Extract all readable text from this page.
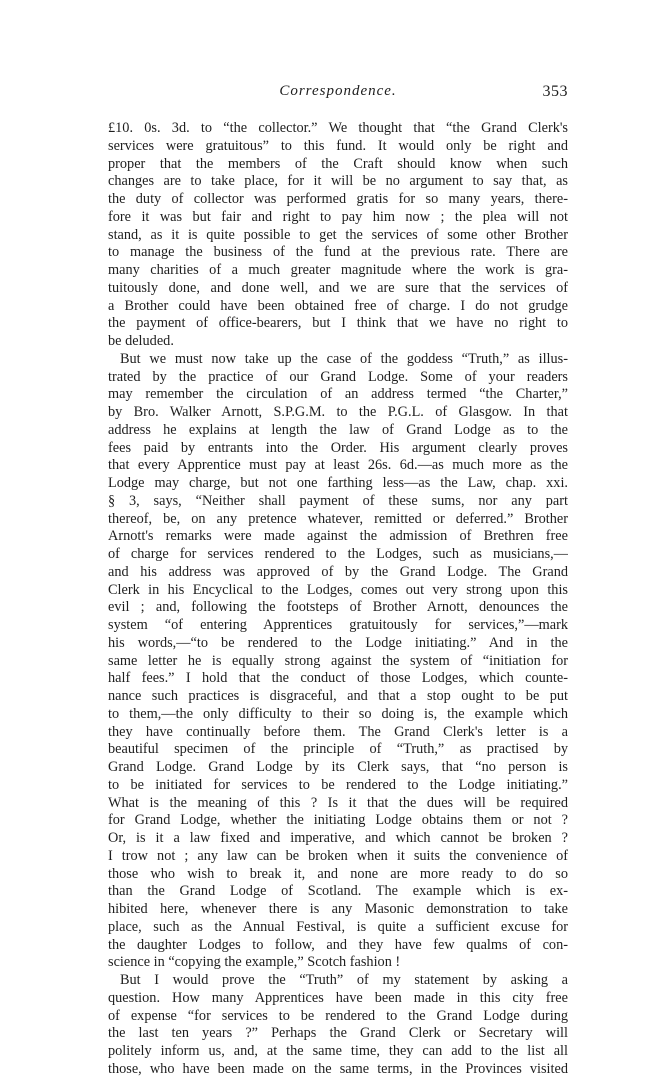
Correspondence.	353
£10. 0s. 3d. to “the collector.” We thought that “the Grand Clerk's
services were gratuitous” to this fund. It would only be right and
proper that the members of the Craft should know when such
changes are to take place, for it will be no argument to say that, as
the duty of collector was performed gratis for so many years, there-
fore it was but fair and right to pay him now ; the plea will not
stand, as it is quite possible to get the services of some other Brother
to manage the business of the fund at the previous rate. There are
many charities of a much greater magnitude where the work is gra-
tuitously done, and done well, and we are sure that the services of
a Brother could have been obtained free of charge. I do not grudge
the payment of office-bearers, but I think that we have no right to
be deluded.
But we must now take up the case of the goddess “Truth,” as illus-
trated by the practice of our Grand Lodge. Some of your readers
may remember the circulation of an address termed “the Charter,”
by Bro. Walker Arnott, S.P.G.M. to the P.G.L. of Glasgow. In that
address he explains at length the law of Grand Lodge as to the
fees paid by entrants into the Order. His argument clearly proves
that every Apprentice must pay at least 26s. 6d.—as much more as the
Lodge may charge, but not one farthing less—as the Law, chap. xxi.
§ 3, says, “Neither shall payment of these sums, nor any part
thereof, be, on any pretence whatever, remitted or deferred.” Brother
Arnott's remarks were made against the admission of Brethren free
of charge for services rendered to the Lodges, such as musicians,—
and his address was approved of by the Grand Lodge. The Grand
Clerk in his Encyclical to the Lodges, comes out very strong upon this
evil ; and, following the footsteps of Brother Arnott, denounces the
system “of entering Apprentices gratuitously for services,”—mark
his words,—“to be rendered to the Lodge initiating.” And in the
same letter he is equally strong against the system of “initiation for
half fees.” I hold that the conduct of those Lodges, which counte-
nance such practices is disgraceful, and that a stop ought to be put
to them,—the only difficulty to their so doing is, the example which
they have continually before them. The Grand Clerk's letter is a
beautiful specimen of the principle of “Truth,” as practised by
Grand Lodge. Grand Lodge by its Clerk says, that “no person is
to be initiated for services to be rendered to the Lodge initiating.”
What is the meaning of this ? Is it that the dues will be required
for Grand Lodge, whether the initiating Lodge obtains them or not ?
Or, is it a law fixed and imperative, and which cannot be broken ?
I trow not ; any law can be broken when it suits the convenience of
those who wish to break it, and none are more ready to do so
than the Grand Lodge of Scotland. The example which is ex-
hibited here, whenever there is any Masonic demonstration to take
place, such as the Annual Festival, is quite a sufficient excuse for
the daughter Lodges to follow, and they have few qualms of con-
science in “copying the example,” Scotch fashion !
But I would prove the “Truth” of my statement by asking a
question. How many Apprentices have been made in this city free
of expense “for services to be rendered to the Grand Lodge during
the last ten years ?” Perhaps the Grand Clerk or Secretary will
politely inform us, and, at the same time, they can add to the list all
those, who have been made on the same terms, in the Provinces visited
